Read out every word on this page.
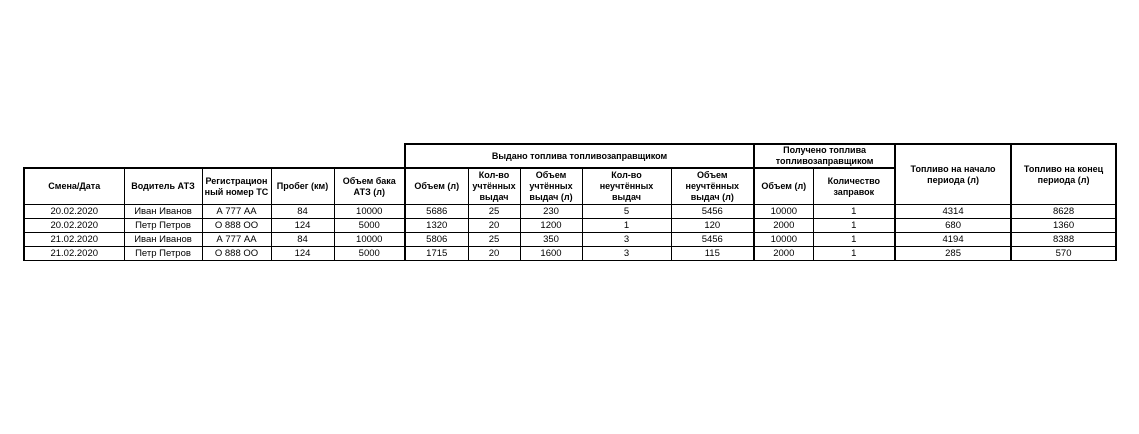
					Выдано топлива топливозаправщиком					Получено топлива топливозаправщиком		Топливо на начало периода (л)	Топливо на конец периода (л)
Смена/Дата	Водитель АТЗ	Регистрацион ный номер ТС	Пробег (км)	Объем бака АТЗ (л)	Объем (л)	Кол-во учтённых выдач	Объем учтённых выдач (л)	Кол-во неучтённых выдач	Объем неучтённых выдач (л)	Объем (л)	Количество заправок		
20.02.2020	Иван Иванов	А 777 АА	84	10000	5686	25	230	5	5456	10000	1	4314	8628
20.02.2020	Петр Петров	О 888 ОО	124	5000	1320	20	1200	1	120	2000	1	680	1360
21.02.2020	Иван Иванов	А 777 АА	84	10000	5806	25	350	3	5456	10000	1	4194	8388
21.02.2020	Петр Петров	О 888 ОО	124	5000	1715	20	1600	3	115	2000	1	285	570
